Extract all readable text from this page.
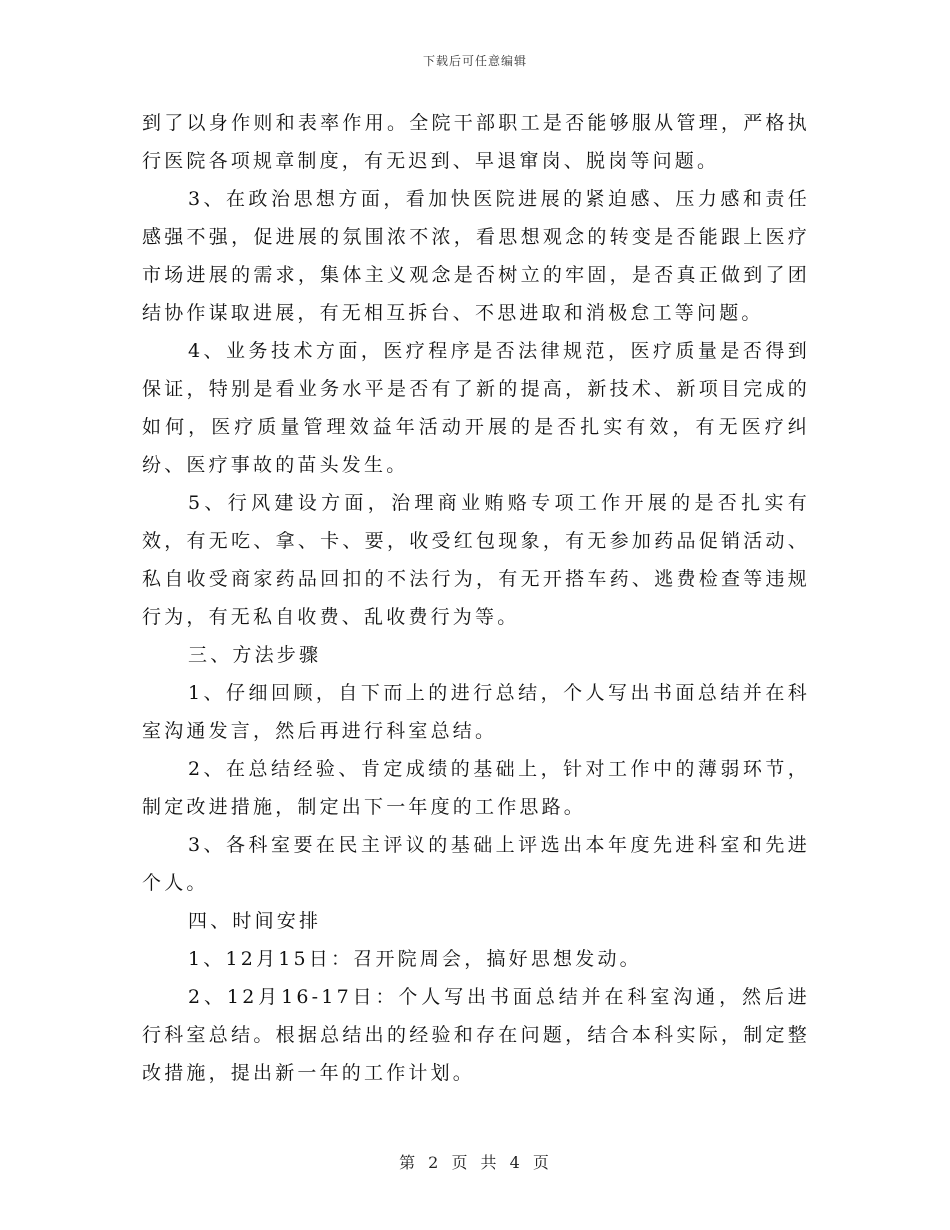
下载后可任意编辑

到了以身作则和表率作用。全院干部职工是否能够服从管理，严格执行医院各项规章制度，有无迟到、早退窜岗、脱岗等问题。

3、在政治思想方面，看加快医院进展的紧迫感、压力感和责任感强不强，促进展的氛围浓不浓，看思想观念的转变是否能跟上医疗市场进展的需求，集体主义观念是否树立的牢固，是否真正做到了团结协作谋取进展，有无相互拆台、不思进取和消极怠工等问题。

4、业务技术方面，医疗程序是否法律规范，医疗质量是否得到保证，特别是看业务水平是否有了新的提高，新技术、新项目完成的如何，医疗质量管理效益年活动开展的是否扎实有效，有无医疗纠纷、医疗事故的苗头发生。

5、行风建设方面，治理商业贿赂专项工作开展的是否扎实有效，有无吃、拿、卡、要，收受红包现象，有无参加药品促销活动、私自收受商家药品回扣的不法行为，有无开搭车药、逃费检查等违规行为，有无私自收费、乱收费行为等。

三、方法步骤

1、仔细回顾，自下而上的进行总结，个人写出书面总结并在科室沟通发言，然后再进行科室总结。

2、在总结经验、肯定成绩的基础上，针对工作中的薄弱环节，制定改进措施，制定出下一年度的工作思路。

3、各科室要在民主评议的基础上评选出本年度先进科室和先进个人。

四、时间安排

1、12月15日：召开院周会，搞好思想发动。

2、12月16-17日：个人写出书面总结并在科室沟通，然后进行科室总结。根据总结出的经验和存在问题，结合本科实际，制定整改措施，提出新一年的工作计划。

第 2 页 共 4 页
